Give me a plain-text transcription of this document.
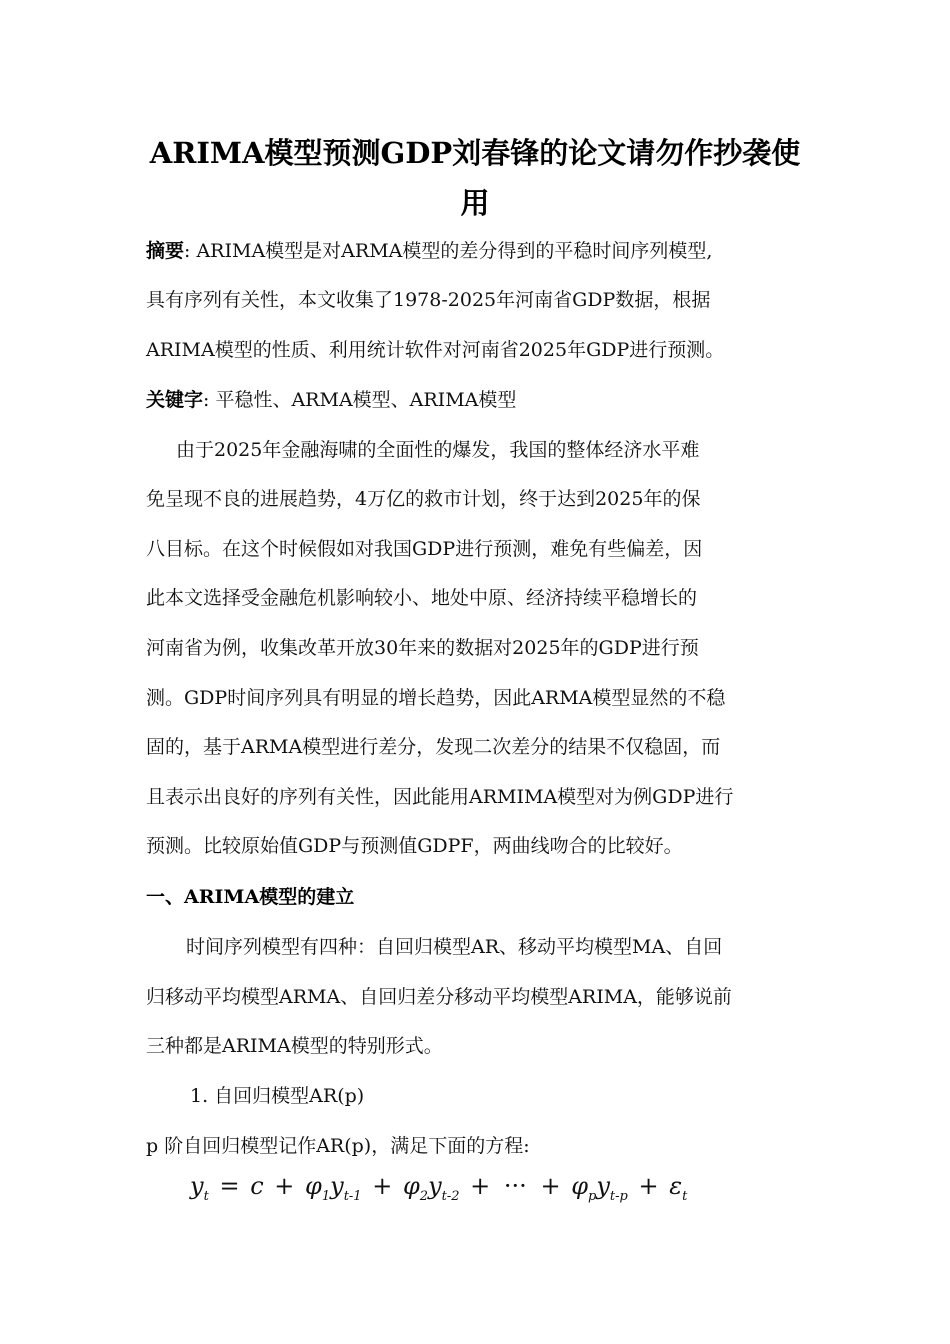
ARIMA模型预测GDP刘春锋的论文请勿作抄袭使
用
摘要: ARIMA模型是对ARMA模型的差分得到的平稳时间序列模型,
具有序列有关性，本文收集了1978-2025年河南省GDP数据，根据
ARIMA模型的性质、利用统计软件对河南省2025年GDP进行预测。
关键字: 平稳性、ARMA模型、ARIMA模型
由于2025年金融海啸的全面性的爆发，我国的整体经济水平难
免呈现不良的进展趋势，4万亿的救市计划，终于达到2025年的保
八目标。在这个时候假如对我国GDP进行预测，难免有些偏差，因
此本文选择受金融危机影响较小、地处中原、经济持续平稳增长的
河南省为例，收集改革开放30年来的数据对2025年的GDP进行预
测。GDP时间序列具有明显的增长趋势，因此ARMA模型显然的不稳
固的，基于ARMA模型进行差分，发现二次差分的结果不仅稳固，而
且表示出良好的序列有关性，因此能用ARMIMA模型对为例GDP进行
预测。比较原始值GDP与预测值GDPF，两曲线吻合的比较好。
一、ARIMA模型的建立
时间序列模型有四种：自回归模型AR、移动平均模型MA、自回
归移动平均模型ARMA、自回归差分移动平均模型ARIMA，能够说前
三种都是ARIMA模型的特别形式。
1. 自回归模型AR(p)
p 阶自回归模型记作AR(p)，满足下面的方程:
$y_t = c + \varphi_1y_{t-1} + \varphi_2y_{t-2}$ + ··· + $\varphi_py_{t-p} + \varepsilon_t$
